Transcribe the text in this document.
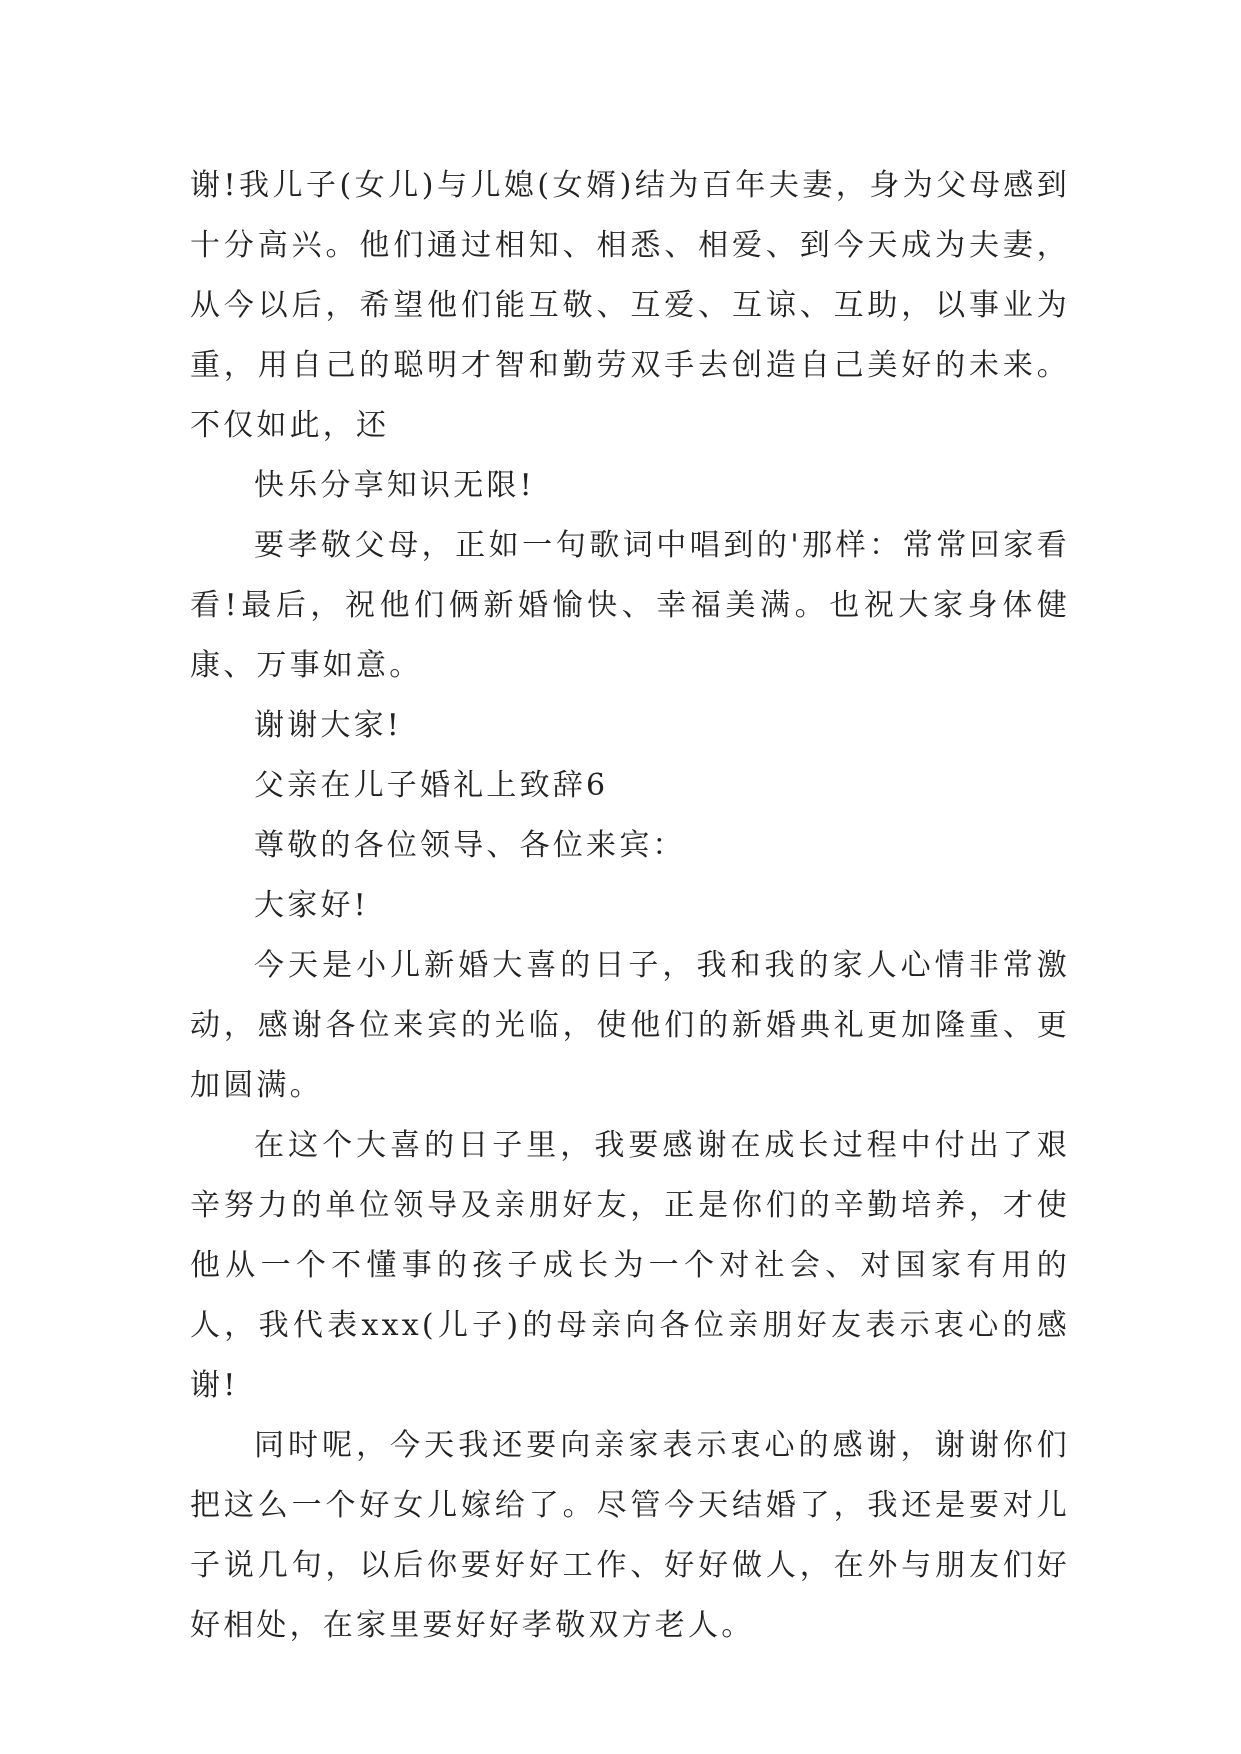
谢!我儿子(女儿)与儿媳(女婿)结为百年夫妻，身为父母感到十分高兴。他们通过相知、相悉、相爱、到今天成为夫妻，从今以后，希望他们能互敬、互爱、互谅、互助，以事业为重，用自己的聪明才智和勤劳双手去创造自己美好的未来。不仅如此，还

快乐分享知识无限!

要孝敬父母，正如一句歌词中唱到的'那样：常常回家看看!最后，祝他们俩新婚愉快、幸福美满。也祝大家身体健康、万事如意。

谢谢大家!

父亲在儿子婚礼上致辞6

尊敬的各位领导、各位来宾：

大家好!

今天是小儿新婚大喜的日子，我和我的家人心情非常激动，感谢各位来宾的光临，使他们的新婚典礼更加隆重、更加圆满。

在这个大喜的日子里，我要感谢在成长过程中付出了艰辛努力的单位领导及亲朋好友，正是你们的辛勤培养，才使他从一个不懂事的孩子成长为一个对社会、对国家有用的人，我代表xxx(儿子)的母亲向各位亲朋好友表示衷心的感谢!

同时呢，今天我还要向亲家表示衷心的感谢，谢谢你们把这么一个好女儿嫁给了。尽管今天结婚了，我还是要对儿子说几句，以后你要好好工作、好好做人，在外与朋友们好好相处，在家里要好好孝敬双方老人。
